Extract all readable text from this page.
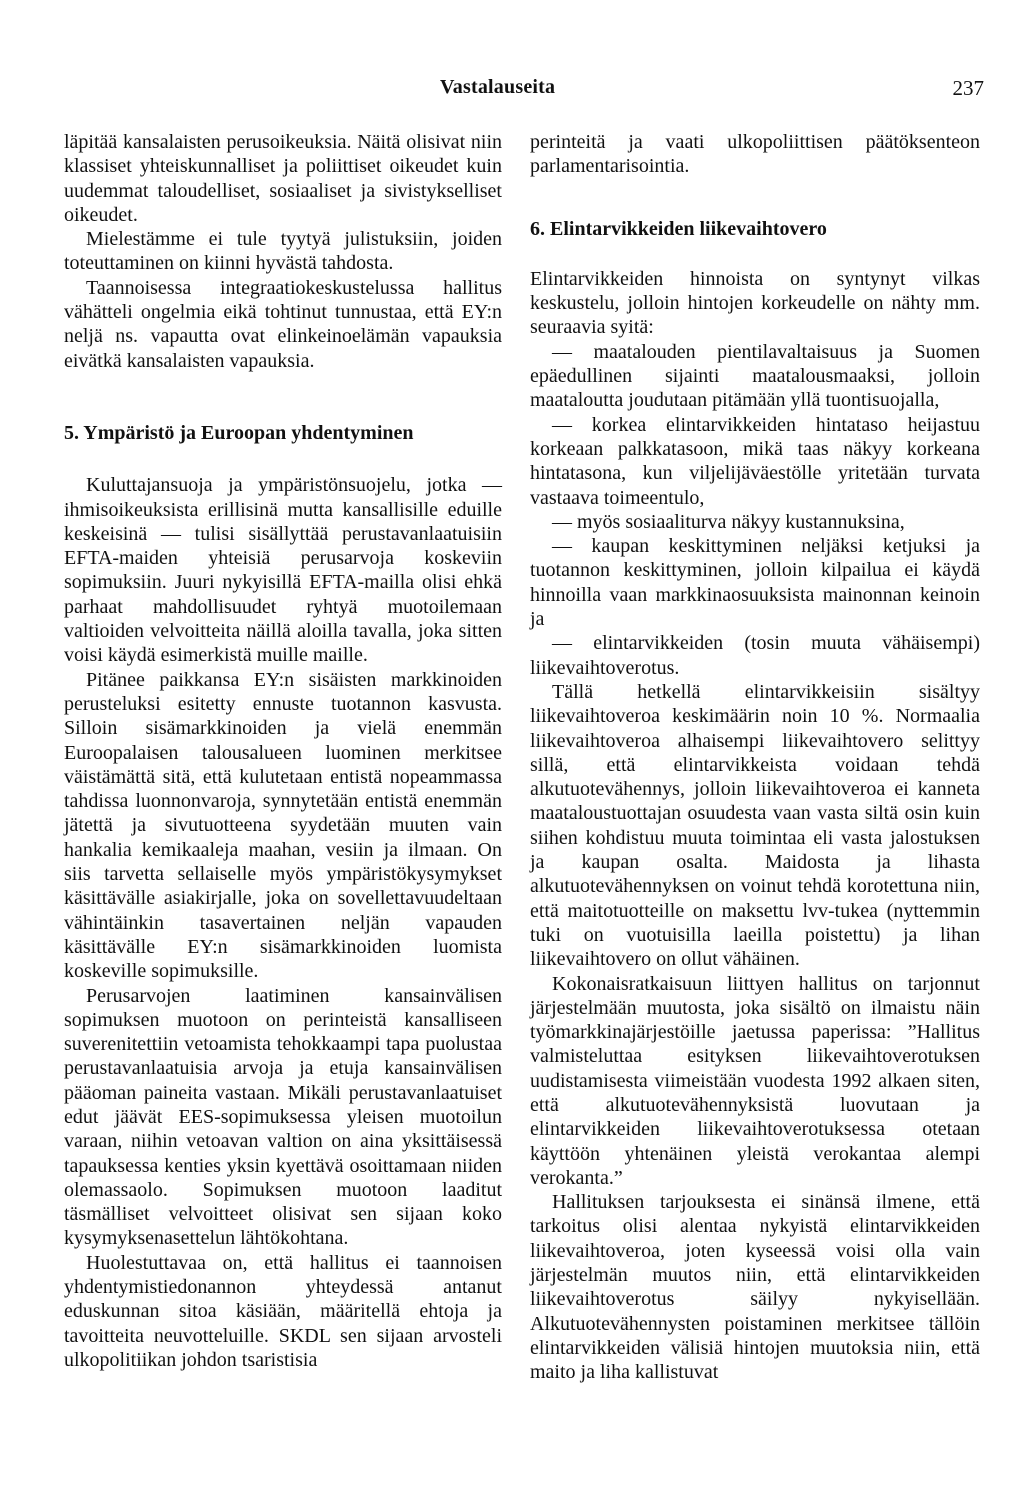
Vastalauseita	237

läpitää kansalaisten perusoikeuksia. Näitä olisivat niin klassiset yhteiskunnalliset ja poliittiset oikeudet kuin uudemmat taloudelliset, sosiaaliset ja sivistykselliset oikeudet.

Mielestämme ei tule tyytyä julistuksiin, joiden toteuttaminen on kiinni hyvästä tahdosta.

Taannoisessa integraatiokeskustelussa hallitus vähätteli ongelmia eikä tohtinut tunnustaa, että EY:n neljä ns. vapautta ovat elinkeinoelämän vapauksia eivätkä kansalaisten vapauksia.

5. Ympäristö ja Euroopan yhdentyminen

Kuluttajansuoja ja ympäristönsuojelu, jotka — ihmisoikeuksista erillisinä mutta kansallisille eduille keskeisinä — tulisi sisällyttää perustavanlaatuisiin EFTA-maiden yhteisiä perusarvoja koskeviin sopimuksiin. Juuri nykyisillä EFTA-mailla olisi ehkä parhaat mahdollisuudet ryhtyä muotoilemaan valtioiden velvoitteita näillä aloilla tavalla, joka sitten voisi käydä esimerkistä muille maille.

Pitänee paikkansa EY:n sisäisten markkinoiden perusteluksi esitetty ennuste tuotannon kasvusta. Silloin sisämarkkinoiden ja vielä enemmän Euroopalaisen talousalueen luominen merkitsee väistämättä sitä, että kulutetaan entistä nopeammassa tahdissa luonnonvaroja, synnytetään entistä enemmän jätettä ja sivutuotteena syydetään muuten vain hankalia kemikaaleja maahan, vesiin ja ilmaan. On siis tarvetta sellaiselle myös ympäristökysymykset käsittävälle asiakirjalle, joka on sovellettavuudeltaan vähintäinkin tasavertainen neljän vapauden käsittävälle EY:n sisämarkkinoiden luomista koskeville sopimuksille.

Perusarvojen laatiminen kansainvälisen sopimuksen muotoon on perinteistä kansalliseen suverenitettiin vetoamista tehokkaampi tapa puolustaa perustavanlaatuisia arvoja ja etuja kansainvälisen pääoman paineita vastaan. Mikäli perustavanlaatuiset edut jäävät EES-sopimuksessa yleisen muotoilun varaan, niihin vetoavan valtion on aina yksittäisessä tapauksessa kenties yksin kyettävä osoittamaan niiden olemassaolo. Sopimuksen muotoon laaditut täsmälliset velvoitteet olisivat sen sijaan koko kysymyksenasettelun lähtökohtana.

Huolestuttavaa on, että hallitus ei taannoisen yhdentymistiedonannon yhteydessä antanut eduskunnan sitoa käsiään, määritellä ehtoja ja tavoitteita neuvotteluille. SKDL sen sijaan arvosteli ulkopolitiikan johdon tsaristisia

perinteitä ja vaati ulkopoliittisen päätöksenteon parlamentarisointia.

6. Elintarvikkeiden liikevaihtovero

Elintarvikkeiden hinnoista on syntynyt vilkas keskustelu, jolloin hintojen korkeudelle on nähty mm. seuraavia syitä:

— maatalouden pientilavaltaisuus ja Suomen epäedullinen sijainti maatalousmaaksi, jolloin maataloutta joudutaan pitämään yllä tuontisuojalla,

— korkea elintarvikkeiden hintataso heijastuu korkeaan palkkatasoon, mikä taas näkyy korkeana hintatasona, kun viljelijäväestölle yritetään turvata vastaava toimeentulo,

— myös sosiaaliturva näkyy kustannuksina,

— kaupan keskittyminen neljäksi ketjuksi ja tuotannon keskittyminen, jolloin kilpailua ei käydä hinnoilla vaan markkinaosuuksista mainonnan keinoin ja

— elintarvikkeiden (tosin muuta vähäisempi) liikevaihtoverotus.

Tällä hetkellä elintarvikkeisiin sisältyy liikevaihtoveroa keskimäärin noin 10 %. Normaalia liikevaihtoveroa alhaisempi liikevaihtovero selittyy sillä, että elintarvikkeista voidaan tehdä alkutuotevähennys, jolloin liikevaihtoveroa ei kanneta maataloustuottajan osuudesta vaan vasta siltä osin kuin siihen kohdistuu muuta toimintaa eli vasta jalostuksen ja kaupan osalta. Maidosta ja lihasta alkutuotevähennyksen on voinut tehdä korotettuna niin, että maitotuotteille on maksettu lvv-tukea (nyttemmin tuki on vuotuisilla laeilla poistettu) ja lihan liikevaihtovero on ollut vähäinen.

Kokonaisratkaisuun liittyen hallitus on tarjonnut järjestelmään muutosta, joka sisältö on ilmaistu näin työmarkkinajärjestöille jaetussa paperissa: ”Hallitus valmisteluttaa esityksen liikevaihtoverotuksen uudistamisesta viimeistään vuodesta 1992 alkaen siten, että alkutuotevähennyksistä luovutaan ja elintarvikkeiden liikevaihtoverotuksessa otetaan käyttöön yhtenäinen yleistä verokantaa alempi verokanta.”

Hallituksen tarjouksesta ei sinänsä ilmene, että tarkoitus olisi alentaa nykyistä elintarvikkeiden liikevaihtoveroa, joten kyseessä voisi olla vain järjestelmän muutos niin, että elintarvikkeiden liikevaihtoverotus säilyy nykyisellään. Alkutuotevähennysten poistaminen merkitsee tällöin elintarvikkeiden välisiä hintojen muutoksia niin, että maito ja liha kallistuvat
